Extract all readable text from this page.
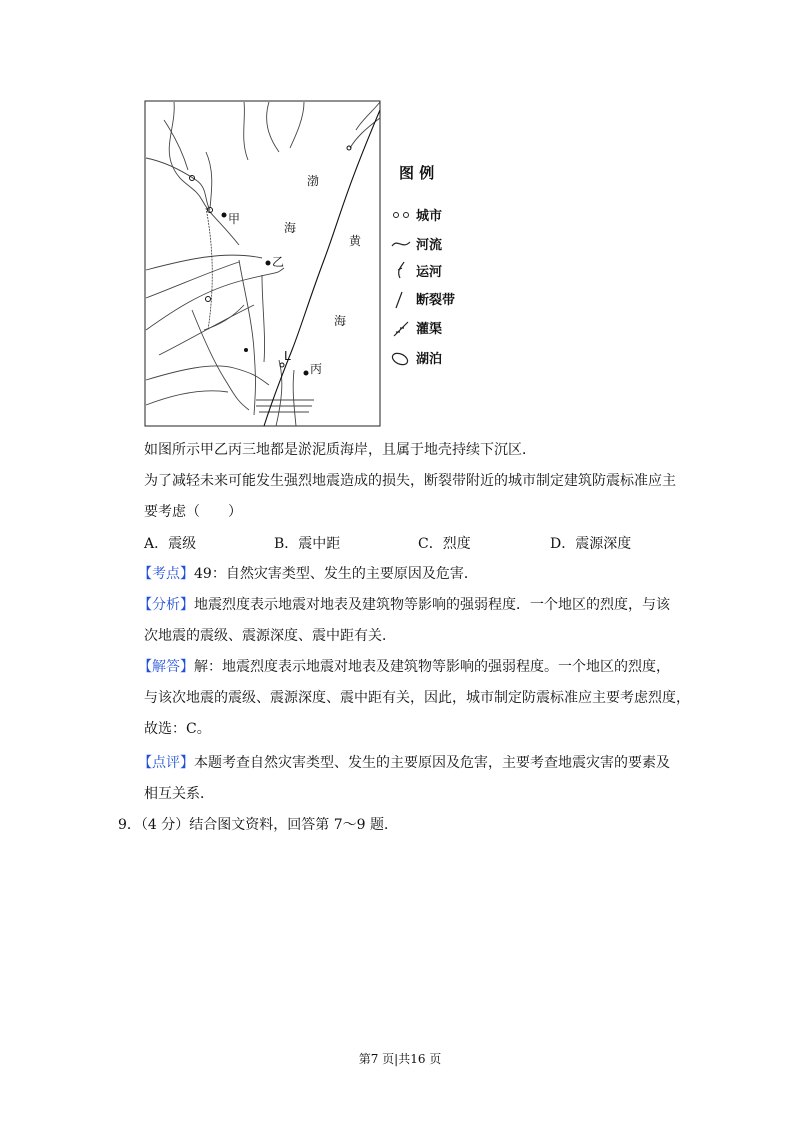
甲
乙
丙
L
渤
海
黄
海
图 例
城市
河流
运河
断裂带
灌渠
湖泊
如图所示甲乙丙三地都是淤泥质海岸，且属于地壳持续下沉区．
为了减轻未来可能发生强烈地震造成的损失，断裂带附近的城市制定建筑防震标准应主
要考虑（　　）
A．震级	B．震中距	C．烈度	D．震源深度
【考点】49：自然灾害类型、发生的主要原因及危害．
【分析】地震烈度表示地震对地表及建筑物等影响的强弱程度．一个地区的烈度，与该
次地震的震级、震源深度、震中距有关．
【解答】解：地震烈度表示地震对地表及建筑物等影响的强弱程度。一个地区的烈度，
与该次地震的震级、震源深度、震中距有关，因此，城市制定防震标准应主要考虑烈度，
故选：C。
【点评】本题考查自然灾害类型、发生的主要原因及危害，主要考查地震灾害的要素及
相互关系．
9．（4 分）结合图文资料，回答第 7～9 题．
第7 页|共16 页
